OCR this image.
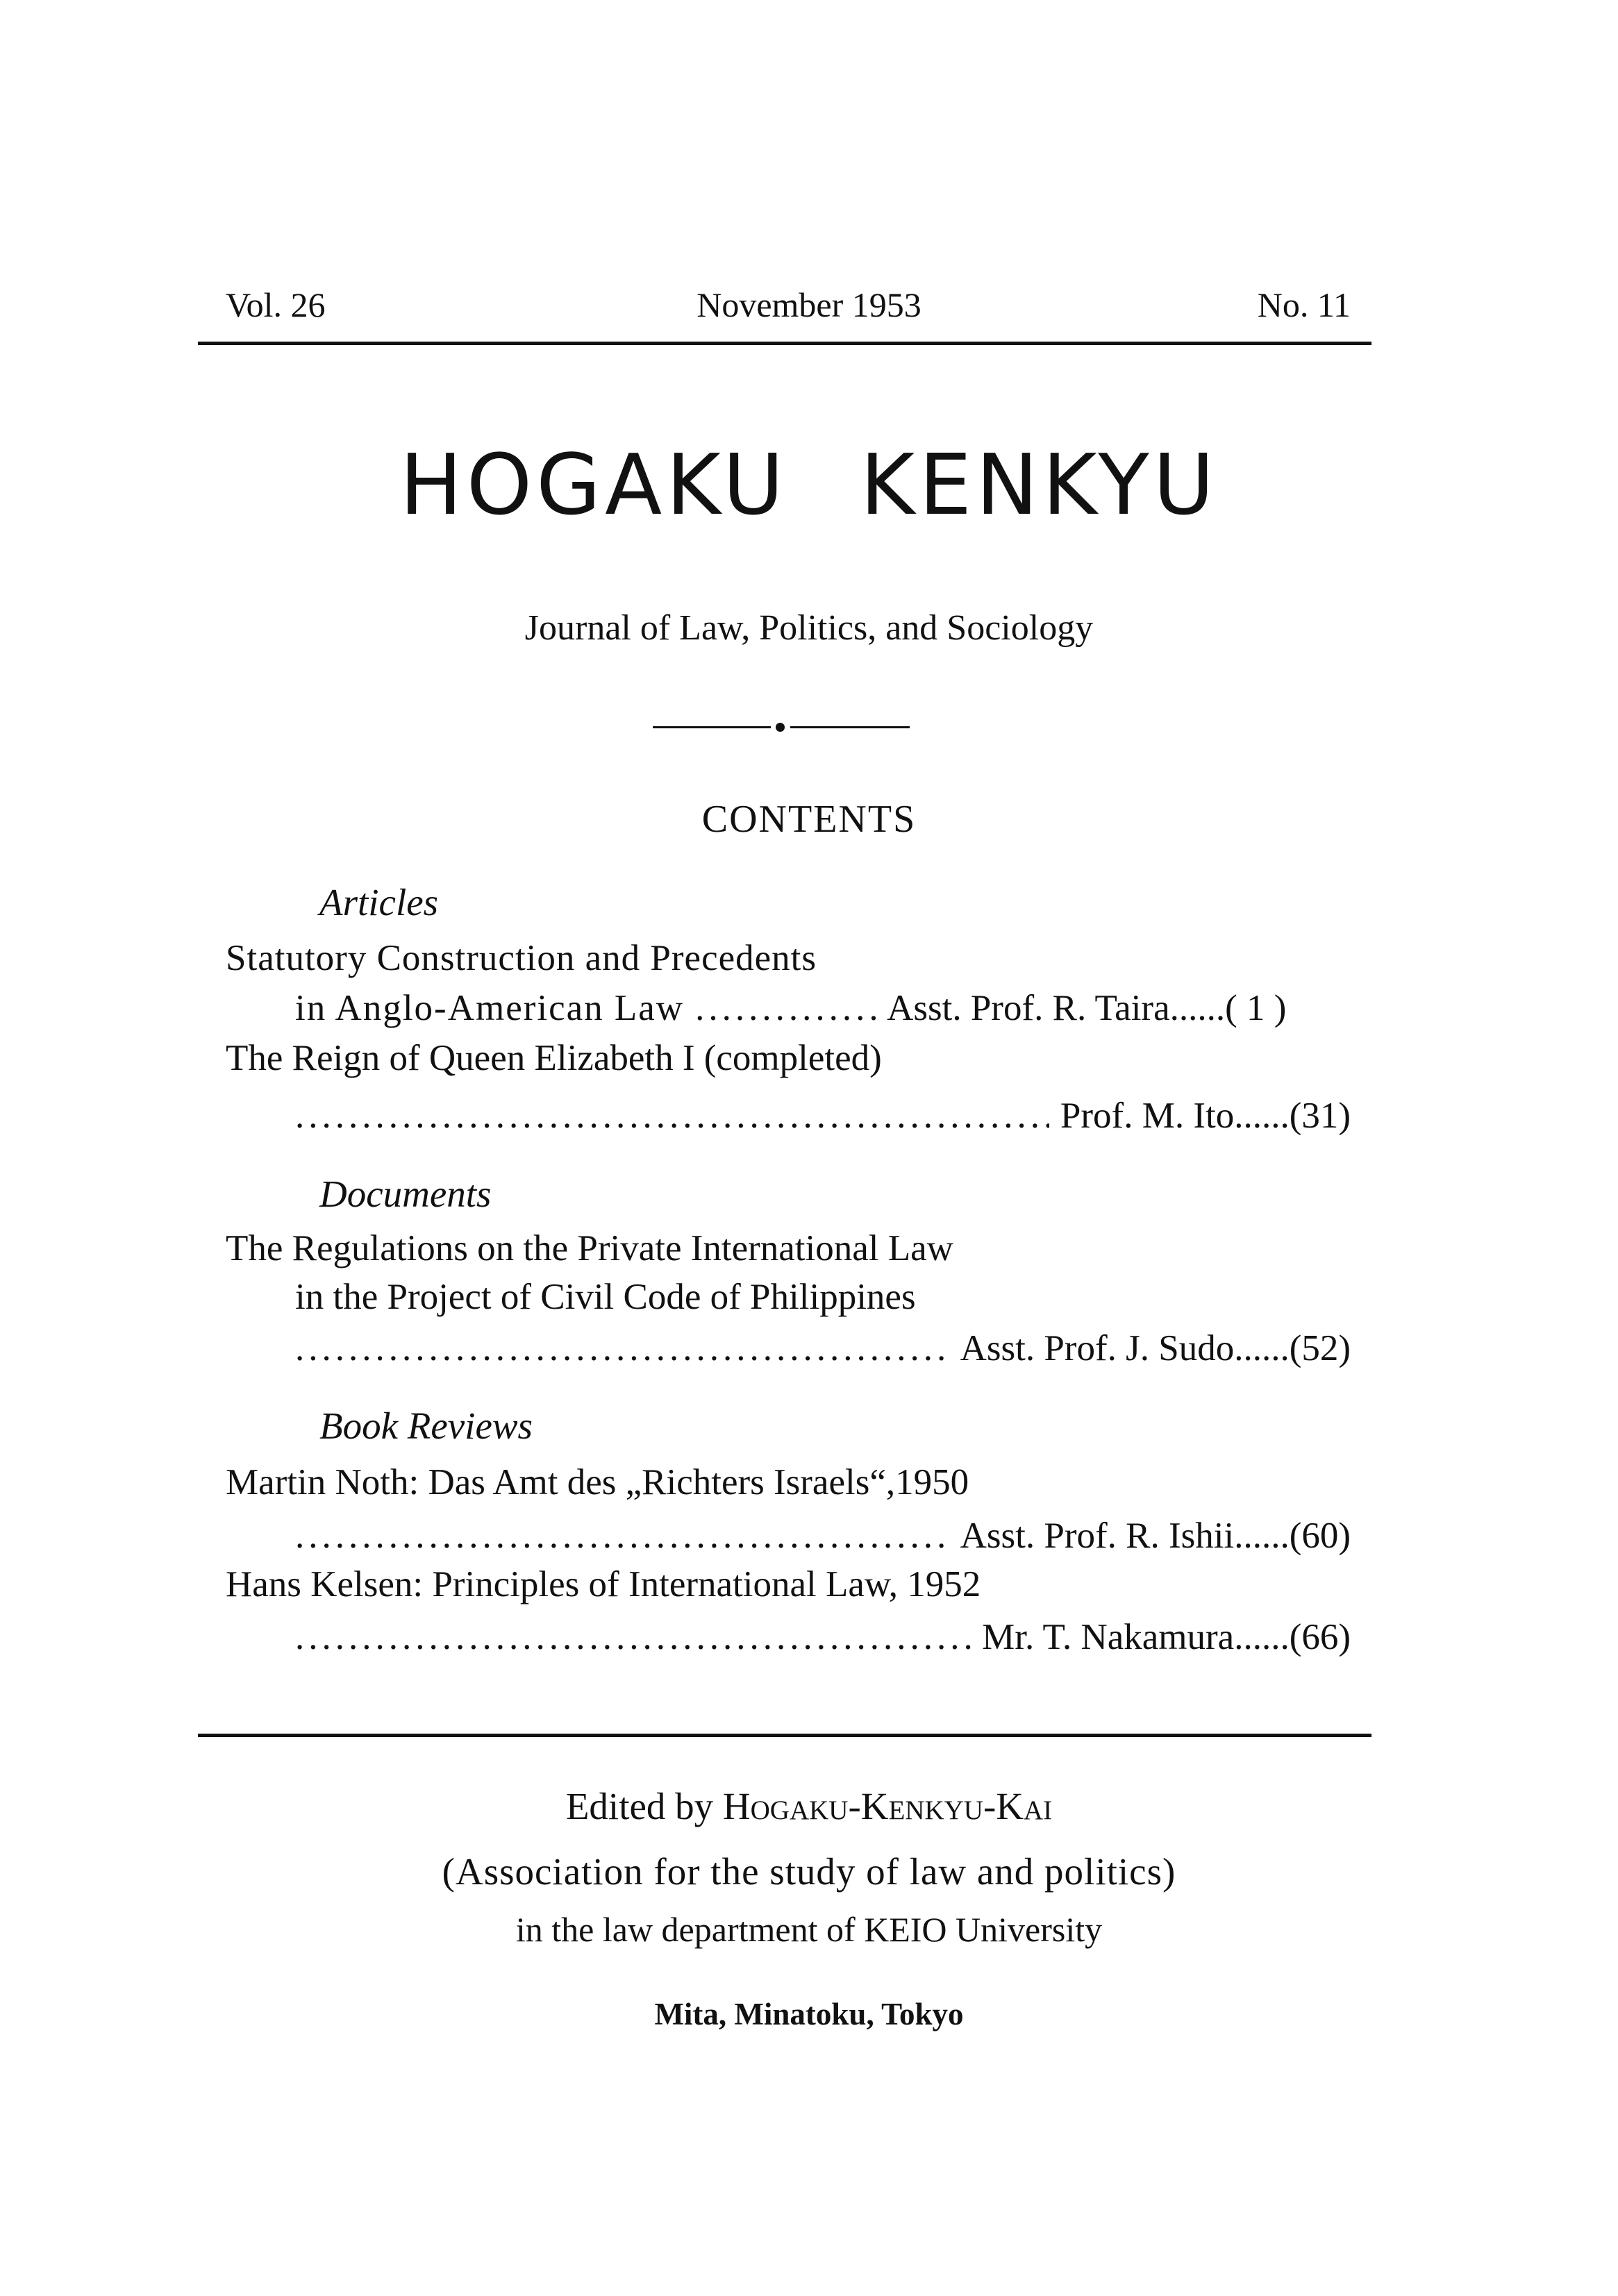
Vol. 26	November 1953	No. 11
HOGAKU KENKYU
Journal of Law, Politics, and Sociology
CONTENTS
Articles
Statutory Construction and Precedents
in Anglo-American Law
.....	Asst. Prof. R. Taira......( 1 )
The Reign of Queen Elizabeth I (completed)
.....
Prof. M. Ito......(31)
Documents
The Regulations on the Private International Law
in the Project of Civil Code of Philippines
.....
Asst. Prof. J. Sudo......(52)
Book Reviews
Martin Noth: Das Amt des „Richters Israels“,1950
.....
Asst. Prof. R. Ishii......(60)
Hans Kelsen: Principles of International Law, 1952
.....
Mr. T. Nakamura......(66)
Edited by Hogaku-Kenkyu-Kai
(Association for the study of law and politics)
in the law department of KEIO University
Mita, Minatoku, Tokyo
